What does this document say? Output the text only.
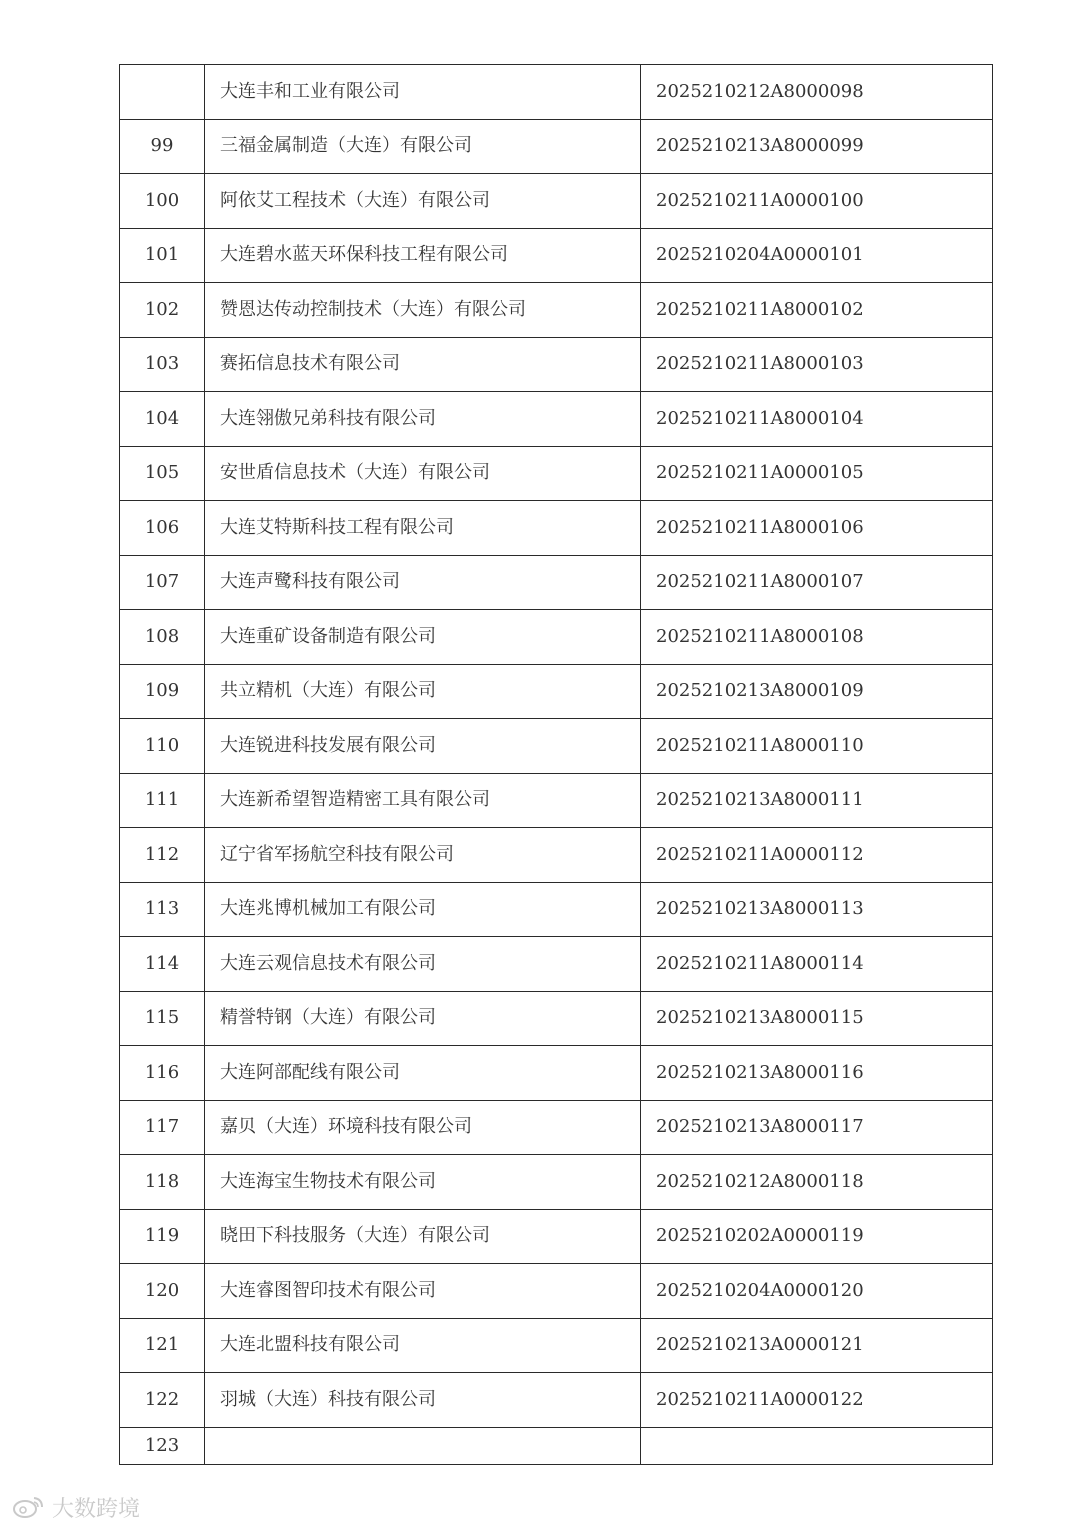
	大连丰和工业有限公司	2025210212A8000098
99	三福金属制造（大连）有限公司	2025210213A8000099
100	阿依艾工程技术（大连）有限公司	2025210211A0000100
101	大连碧水蓝天环保科技工程有限公司	2025210204A0000101
102	赞恩达传动控制技术（大连）有限公司	2025210211A8000102
103	赛拓信息技术有限公司	2025210211A8000103
104	大连翎傲兄弟科技有限公司	2025210211A8000104
105	安世盾信息技术（大连）有限公司	2025210211A0000105
106	大连艾特斯科技工程有限公司	2025210211A8000106
107	大连声鹭科技有限公司	2025210211A8000107
108	大连重矿设备制造有限公司	2025210211A8000108
109	共立精机（大连）有限公司	2025210213A8000109
110	大连锐进科技发展有限公司	2025210211A8000110
111	大连新希望智造精密工具有限公司	2025210213A8000111
112	辽宁省军扬航空科技有限公司	2025210211A0000112
113	大连兆博机械加工有限公司	2025210213A8000113
114	大连云观信息技术有限公司	2025210211A8000114
115	精誉特钢（大连）有限公司	2025210213A8000115
116	大连阿部配线有限公司	2025210213A8000116
117	嘉贝（大连）环境科技有限公司	2025210213A8000117
118	大连海宝生物技术有限公司	2025210212A8000118
119	晓田下科技服务（大连）有限公司	2025210202A0000119
120	大连睿图智印技术有限公司	2025210204A0000120
121	大连北盟科技有限公司	2025210213A0000121
122	羽城（大连）科技有限公司	2025210211A0000122
123		
大数跨境
